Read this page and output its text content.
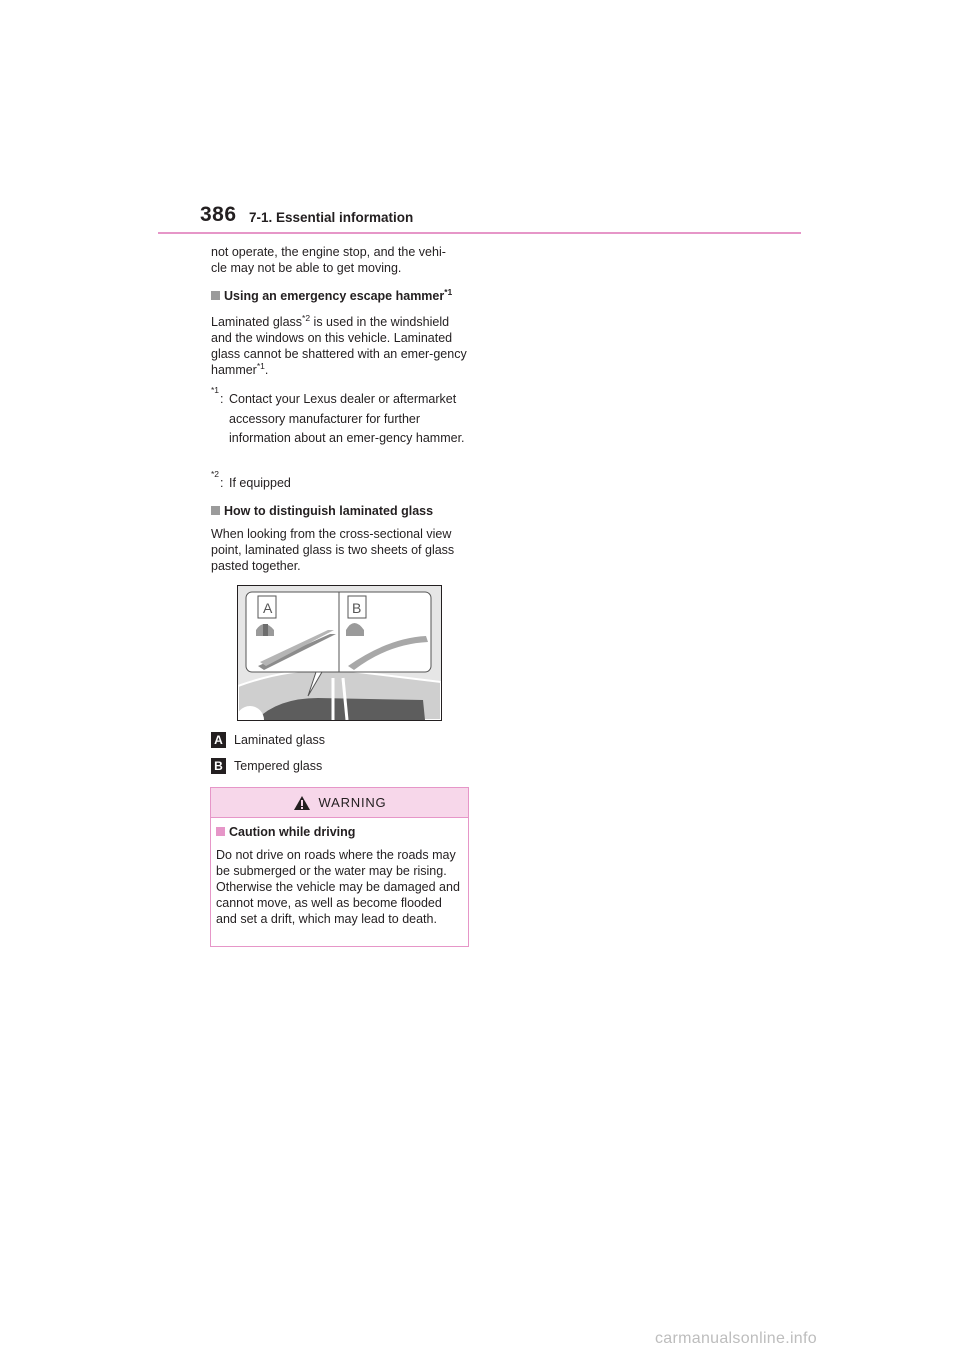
386 7-1. Essential information
not operate, the engine stop, and the vehi-
cle may not be able to get moving.
Using an emergency escape hammer$^{*1}$
Laminated glass$^{*2}$ is used in the windshield and the windows on this vehicle. Laminated glass cannot be shattered with an emer-gency hammer$^{*1}$.
*1
: Contact your Lexus dealer or aftermarket accessory manufacturer for further information about an emer-gency hammer.
*2
: If equipped
How to distinguish laminated glass
When looking from the cross-sectional view point, laminated glass is two sheets of glass pasted together.
A	B
A Laminated glass
B Tempered glass
WARNING
Caution while driving
Do not drive on roads where the roads may be submerged or the water may be rising. Otherwise the vehicle may be damaged and cannot move, as well as become flooded and set a drift, which may lead to death.
carmanualsonline.info
